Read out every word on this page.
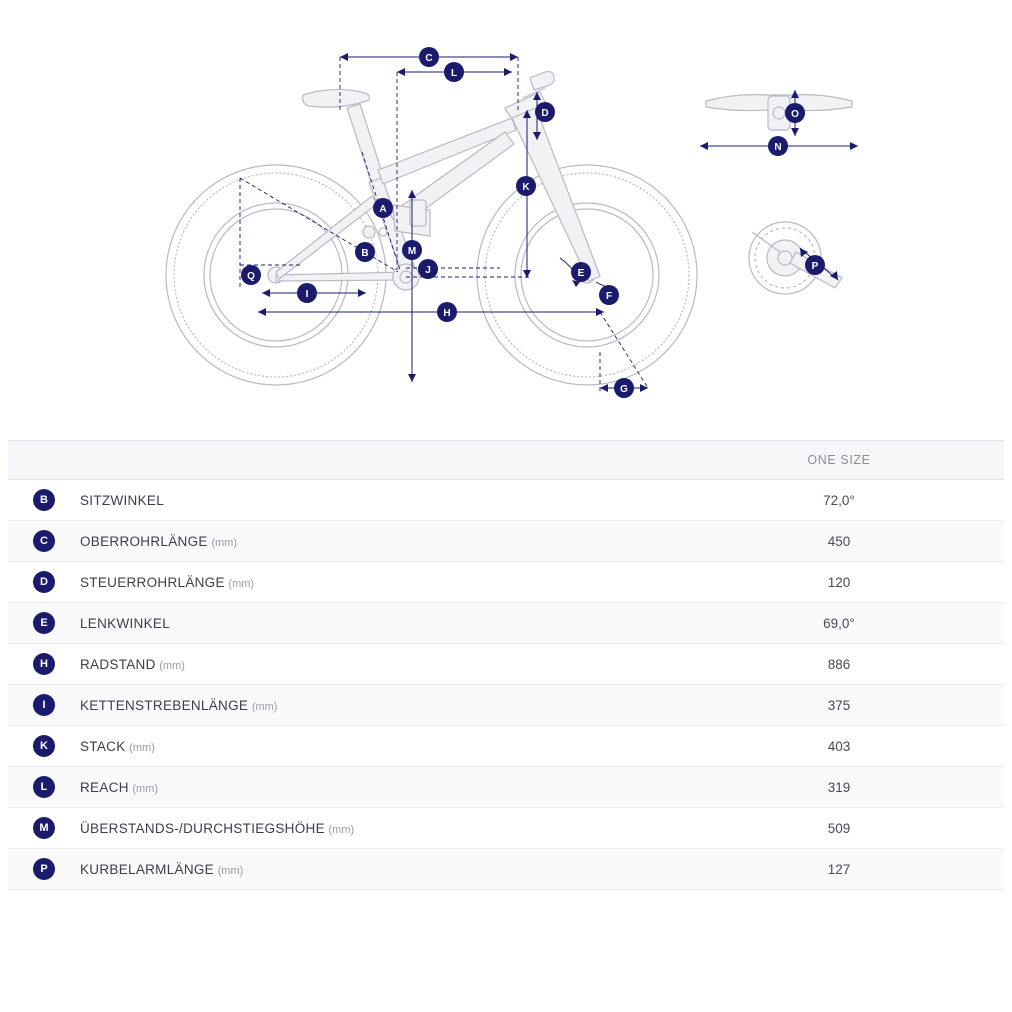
A
B
C
D
E
F
G
H
I
J
K
L
M
N
O
P
Q
		ONE SIZE
B	SITZWINKEL	72,0°
C	OBERROHRLÄNGE (mm)	450
D	STEUERROHRLÄNGE (mm)	120
E	LENKWINKEL	69,0°
H	RADSTAND (mm)	886
I	KETTENSTREBENLÄNGE (mm)	375
K	STACK (mm)	403
L	REACH (mm)	319
M	ÜBERSTANDS-/DURCHSTIEGSHÖHE (mm)	509
P	KURBELARMLÄNGE (mm)	127
